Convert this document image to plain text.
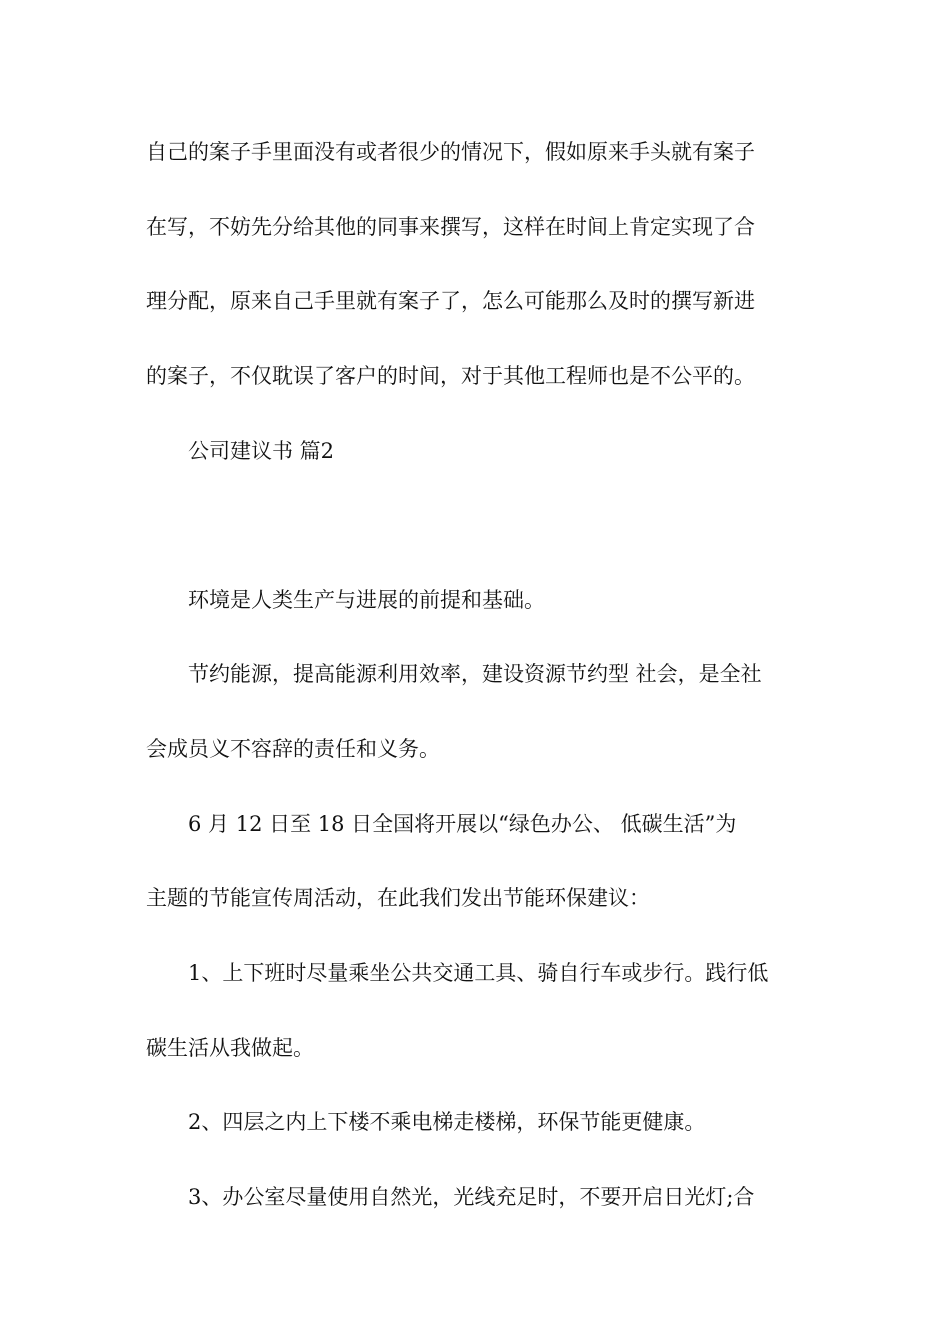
自己的案子手里面没有或者很少的情况下，假如原来手头就有案子
在写，不妨先分给其他的同事来撰写，这样在时间上肯定实现了合
理分配，原来自己手里就有案子了，怎么可能那么及时的撰写新进
的案子，不仅耽误了客户的时间，对于其他工程师也是不公平的。
公司建议书 篇2
环境是人类生产与进展的前提和基础。
节约能源，提高能源利用效率，建设资源节约型 社会，是全社
会成员义不容辞的责任和义务。
6 月 12 日至 18 日全国将开展以“绿色办公、 低碳生活”为
主题的节能宣传周活动，在此我们发出节能环保建议：
1、上下班时尽量乘坐公共交通工具、骑自行车或步行。践行低
碳生活从我做起。
2、四层之内上下楼不乘电梯走楼梯，环保节能更健康。
3、办公室尽量使用自然光，光线充足时，不要开启日光灯;合
